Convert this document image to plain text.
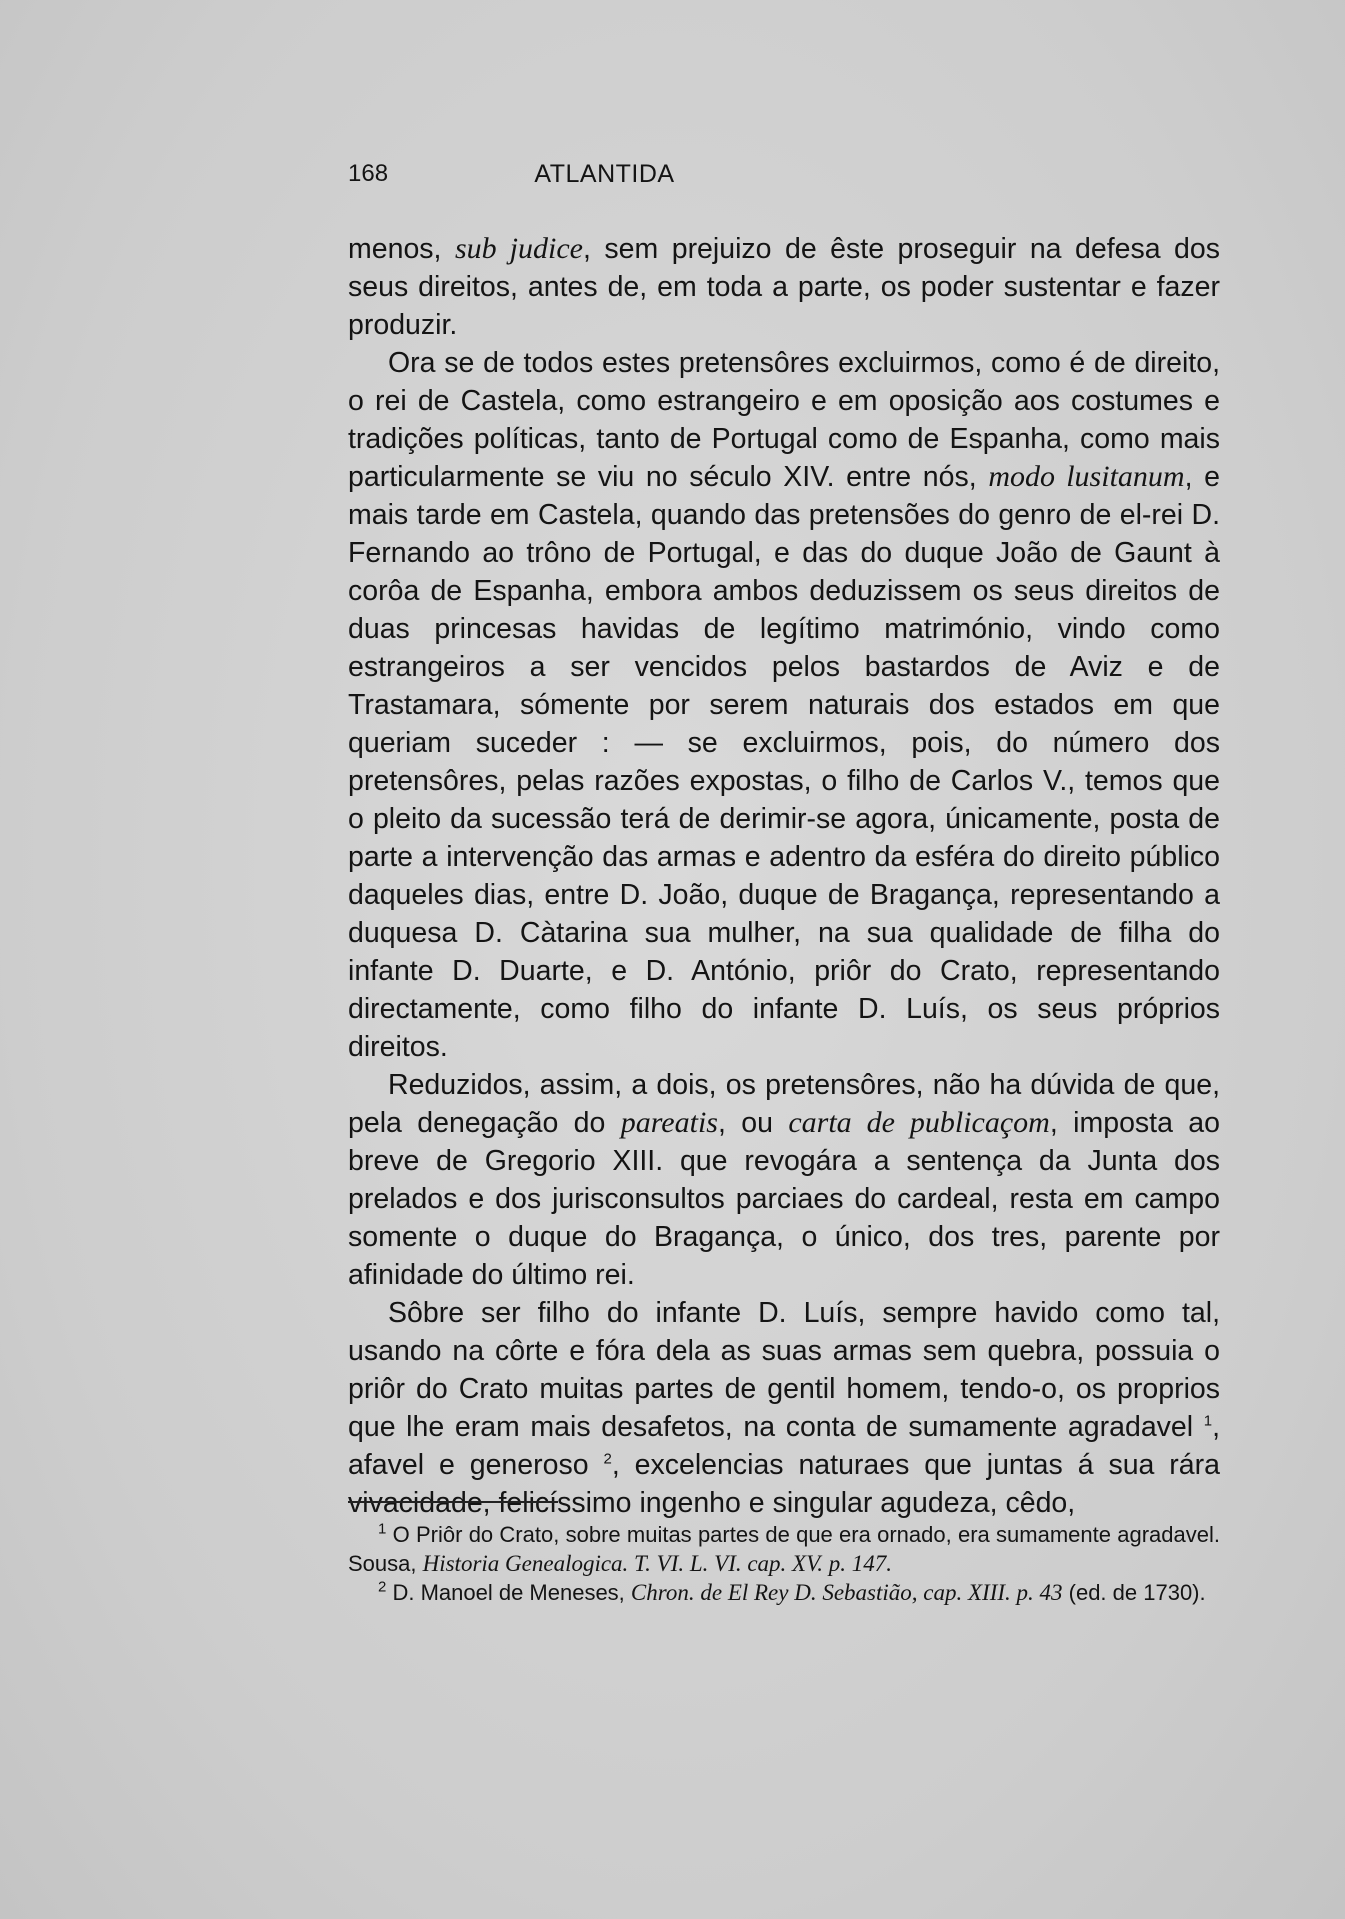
168	ATLANTIDA

menos, sub judice, sem prejuizo de êste proseguir na defesa dos seus direitos, antes de, em toda a parte, os poder sustentar e fazer produzir.

Ora se de todos estes pretensôres excluirmos, como é de direito, o rei de Castela, como estrangeiro e em oposição aos costumes e tradições políticas, tanto de Portugal como de Espanha, como mais particularmente se viu no século XIV. entre nós, modo lusitanum, e mais tarde em Castela, quando das pretensões do genro de el-rei D. Fernando ao trôno de Portugal, e das do duque João de Gaunt à corôa de Espanha, embora ambos deduzissem os seus direitos de duas princesas havidas de legítimo matrimónio, vindo como estrangeiros a ser vencidos pelos bastardos de Aviz e de Trastamara, sómente por serem naturais dos estados em que queriam suceder : — se excluirmos, pois, do número dos pretensôres, pelas razões expostas, o filho de Carlos V., temos que o pleito da sucessão terá de derimir-se agora, únicamente, posta de parte a intervenção das armas e adentro da esféra do direito público daqueles dias, entre D. João, duque de Bragança, representando a duquesa D. Càtarina sua mulher, na sua qualidade de filha do infante D. Duarte, e D. António, priôr do Crato, representando directamente, como filho do infante D. Luís, os seus próprios direitos.

Reduzidos, assim, a dois, os pretensôres, não ha dúvida de que, pela denegação do pareatis, ou carta de publicaçom, imposta ao breve de Gregorio XIII. que revogára a sentença da Junta dos prelados e dos jurisconsultos parciaes do cardeal, resta em campo somente o duque do Bragança, o único, dos tres, parente por afinidade do último rei.

Sôbre ser filho do infante D. Luís, sempre havido como tal, usando na côrte e fóra dela as suas armas sem quebra, possuia o priôr do Crato muitas partes de gentil homem, tendo-o, os proprios que lhe eram mais desafetos, na conta de sumamente agradavel $^1$, afavel e generoso $^2$, excelencias naturaes que juntas á sua rára vivacidade, felicíssimo ingenho e singular agudeza, cêdo,

$^1$ O Priôr do Crato, sobre muitas partes de que era ornado, era sumamente agradavel. Sousa, Historia Genealogica. T. VI. L. VI. cap. XV. p. 147.

$^2$ D. Manoel de Meneses, Chron. de El Rey D. Sebastião, cap. XIII. p. 43 (ed. de 1730).
